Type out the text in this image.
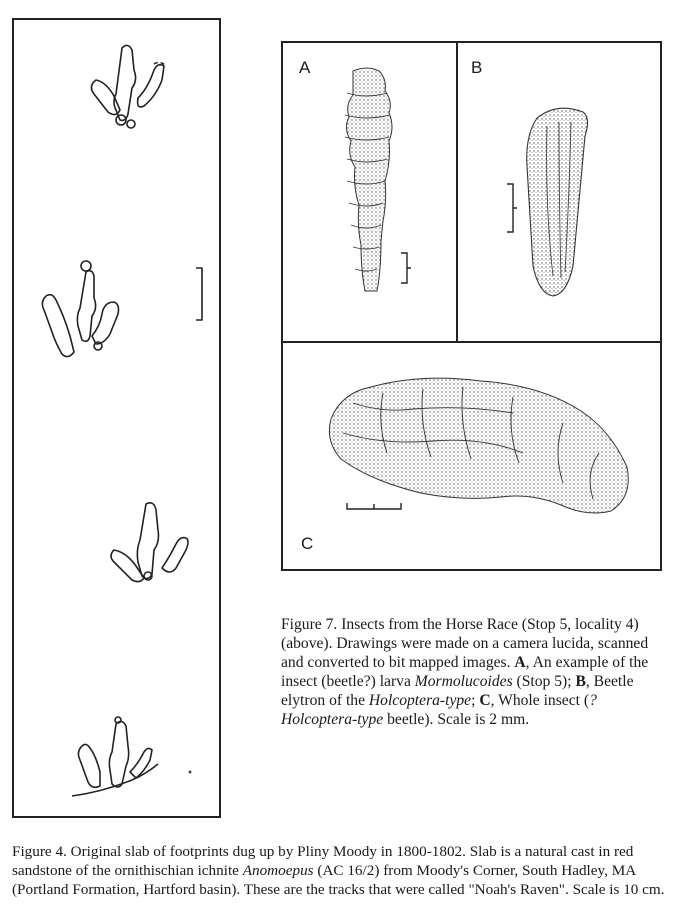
A	B
C
Figure 7. Insects from the Horse Race (Stop 5, locality 4) (above). Drawings were made on a camera lucida, scanned and converted to bit mapped images. A, An example of the insect (beetle?) larva Mormolucoides (Stop 5); B, Beetle elytron of the Holcoptera-type; C, Whole insect (?Holcoptera-type beetle). Scale is 2 mm.
Figure 4. Original slab of footprints dug up by Pliny Moody in 1800-1802. Slab is a natural cast in red sandstone of the ornithischian ichnite Anomoepus (AC 16/2) from Moody's Corner, South Hadley, MA (Portland Formation, Hartford basin). These are the tracks that were called "Noah's Raven". Scale is 10 cm.
